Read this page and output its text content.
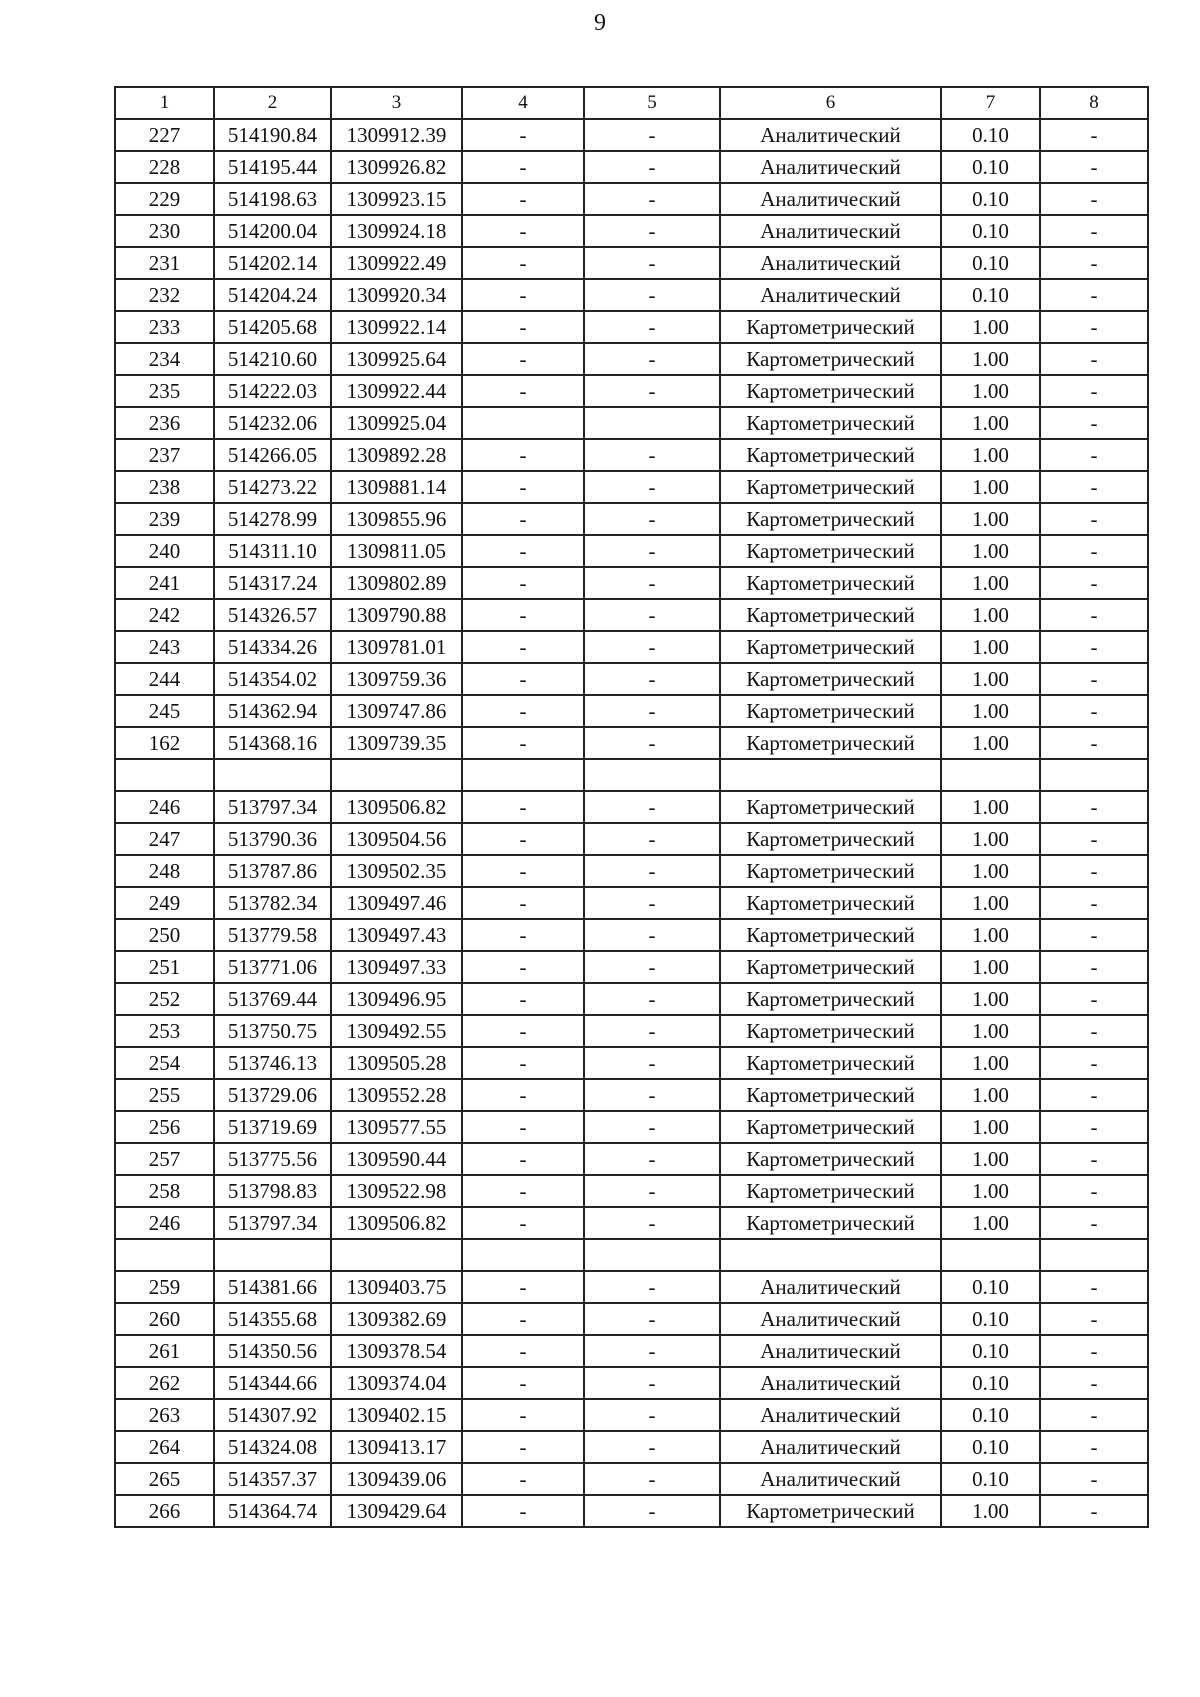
9
1	2	3	4	5	6	7	8
227	514190.84	1309912.39	-	-	Аналитический	0.10	-
228	514195.44	1309926.82	-	-	Аналитический	0.10	-
229	514198.63	1309923.15	-	-	Аналитический	0.10	-
230	514200.04	1309924.18	-	-	Аналитический	0.10	-
231	514202.14	1309922.49	-	-	Аналитический	0.10	-
232	514204.24	1309920.34	-	-	Аналитический	0.10	-
233	514205.68	1309922.14	-	-	Картометрический	1.00	-
234	514210.60	1309925.64	-	-	Картометрический	1.00	-
235	514222.03	1309922.44	-	-	Картометрический	1.00	-
236	514232.06	1309925.04			Картометрический	1.00	-
237	514266.05	1309892.28	-	-	Картометрический	1.00	-
238	514273.22	1309881.14	-	-	Картометрический	1.00	-
239	514278.99	1309855.96	-	-	Картометрический	1.00	-
240	514311.10	1309811.05	-	-	Картометрический	1.00	-
241	514317.24	1309802.89	-	-	Картометрический	1.00	-
242	514326.57	1309790.88	-	-	Картометрический	1.00	-
243	514334.26	1309781.01	-	-	Картометрический	1.00	-
244	514354.02	1309759.36	-	-	Картометрический	1.00	-
245	514362.94	1309747.86	-	-	Картометрический	1.00	-
162	514368.16	1309739.35	-	-	Картометрический	1.00	-

246	513797.34	1309506.82	-	-	Картометрический	1.00	-
247	513790.36	1309504.56	-	-	Картометрический	1.00	-
248	513787.86	1309502.35	-	-	Картометрический	1.00	-
249	513782.34	1309497.46	-	-	Картометрический	1.00	-
250	513779.58	1309497.43	-	-	Картометрический	1.00	-
251	513771.06	1309497.33	-	-	Картометрический	1.00	-
252	513769.44	1309496.95	-	-	Картометрический	1.00	-
253	513750.75	1309492.55	-	-	Картометрический	1.00	-
254	513746.13	1309505.28	-	-	Картометрический	1.00	-
255	513729.06	1309552.28	-	-	Картометрический	1.00	-
256	513719.69	1309577.55	-	-	Картометрический	1.00	-
257	513775.56	1309590.44	-	-	Картометрический	1.00	-
258	513798.83	1309522.98	-	-	Картометрический	1.00	-
246	513797.34	1309506.82	-	-	Картометрический	1.00	-

259	514381.66	1309403.75	-	-	Аналитический	0.10	-
260	514355.68	1309382.69	-	-	Аналитический	0.10	-
261	514350.56	1309378.54	-	-	Аналитический	0.10	-
262	514344.66	1309374.04	-	-	Аналитический	0.10	-
263	514307.92	1309402.15	-	-	Аналитический	0.10	-
264	514324.08	1309413.17	-	-	Аналитический	0.10	-
265	514357.37	1309439.06	-	-	Аналитический	0.10	-
266	514364.74	1309429.64	-	-	Картометрический	1.00	-
